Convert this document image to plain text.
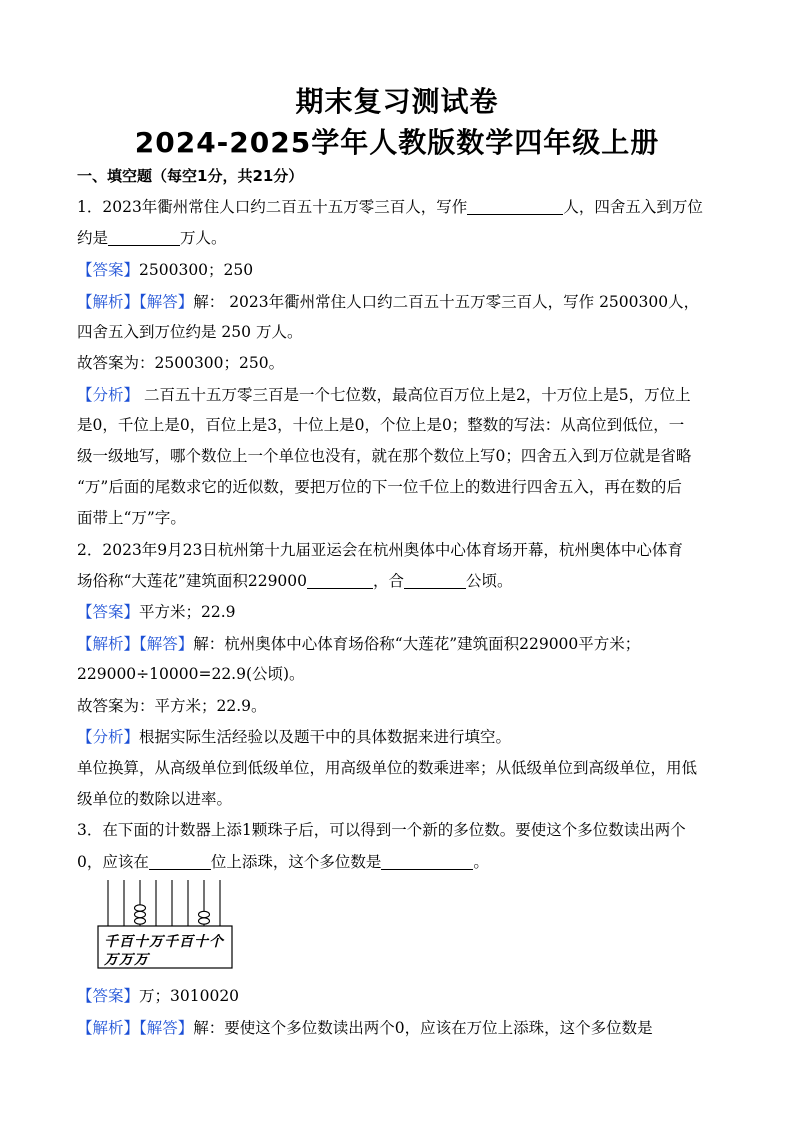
期末复习测试卷
2024-2025学年人教版数学四年级上册
一、填空题（每空1分，共21分）
1．2023年衢州常住人口约二百五十五万零三百人，写作	人，四舍五入到万位
约是	万人。
【答案】2500300；250
【解析】【解答】解： 2023年衢州常住人口约二百五十五万零三百人，写作 2500300人，
四舍五入到万位约是 250 万人。
故答案为：2500300；250。
【分析】 二百五十五万零三百是一个七位数，最高位百万位上是2，十万位上是5，万位上
是0，千位上是0，百位上是3，十位上是0，个位上是0；整数的写法：从高位到低位，一
级一级地写，哪个数位上一个单位也没有，就在那个数位上写0；四舍五入到万位就是省略
“万”后面的尾数求它的近似数，要把万位的下一位千位上的数进行四舍五入，再在数的后
面带上“万”字。
2．2023年9月23日杭州第十九届亚运会在杭州奥体中心体育场开幕，杭州奥体中心体育
场俗称“大莲花”建筑面积229000	，合	公顷。
【答案】平方米；22.9
【解析】【解答】解：杭州奥体中心体育场俗称“大莲花”建筑面积229000平方米；
229000÷10000=22.9(公顷)。
故答案为：平方米；22.9。
【分析】根据实际生活经验以及题干中的具体数据来进行填空。
单位换算，从高级单位到低级单位，用高级单位的数乘进率；从低级单位到高级单位，用低
级单位的数除以进率。
3．在下面的计数器上添1颗珠子后，可以得到一个新的多位数。要使这个多位数读出两个
0，应该在	位上添珠，这个多位数是	。
千百十万千百十个
万万万
【答案】万；3010020
【解析】【解答】解：要使这个多位数读出两个0，应该在万位上添珠，这个多位数是
